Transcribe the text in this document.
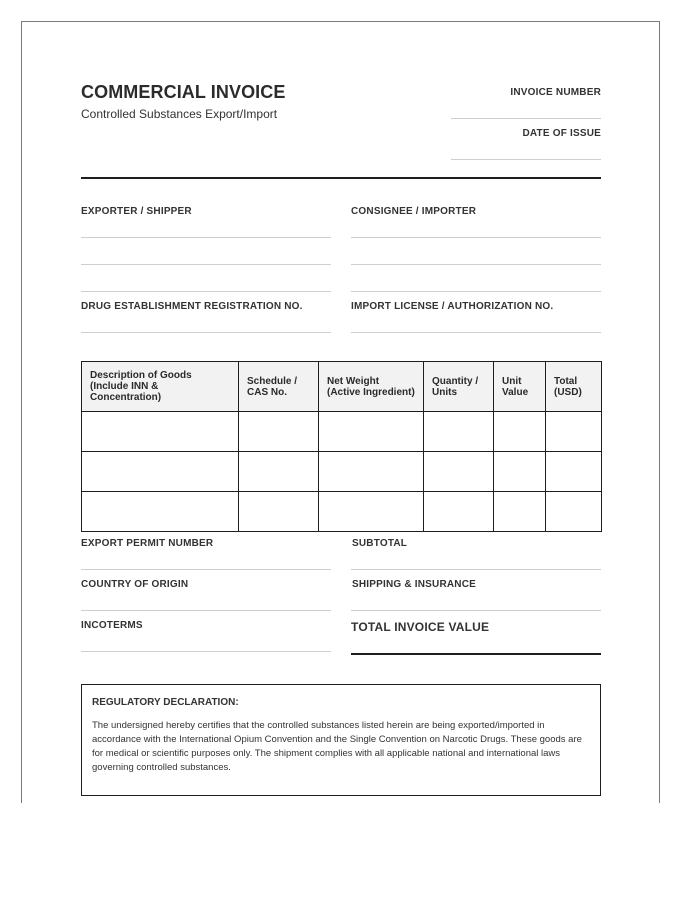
COMMERCIAL INVOICE
Controlled Substances Export/Import
INVOICE NUMBER
DATE OF ISSUE
EXPORTER / SHIPPER	CONSIGNEE / IMPORTER
DRUG ESTABLISHMENT REGISTRATION NO.	IMPORT LICENSE / AUTHORIZATION NO.
Description of Goods (Include INN & Concentration)	Schedule / CAS No.	Net Weight (Active Ingredient)	Quantity / Units	Unit Value	Total (USD)

EXPORT PERMIT NUMBER
COUNTRY OF ORIGIN
INCOTERMS
SUBTOTAL
SHIPPING & INSURANCE
TOTAL INVOICE VALUE
REGULATORY DECLARATION:
The undersigned hereby certifies that the controlled substances listed herein are being exported/imported in accordance with the International Opium Convention and the Single Convention on Narcotic Drugs. These goods are for medical or scientific purposes only. The shipment complies with all applicable national and international laws governing controlled substances.
